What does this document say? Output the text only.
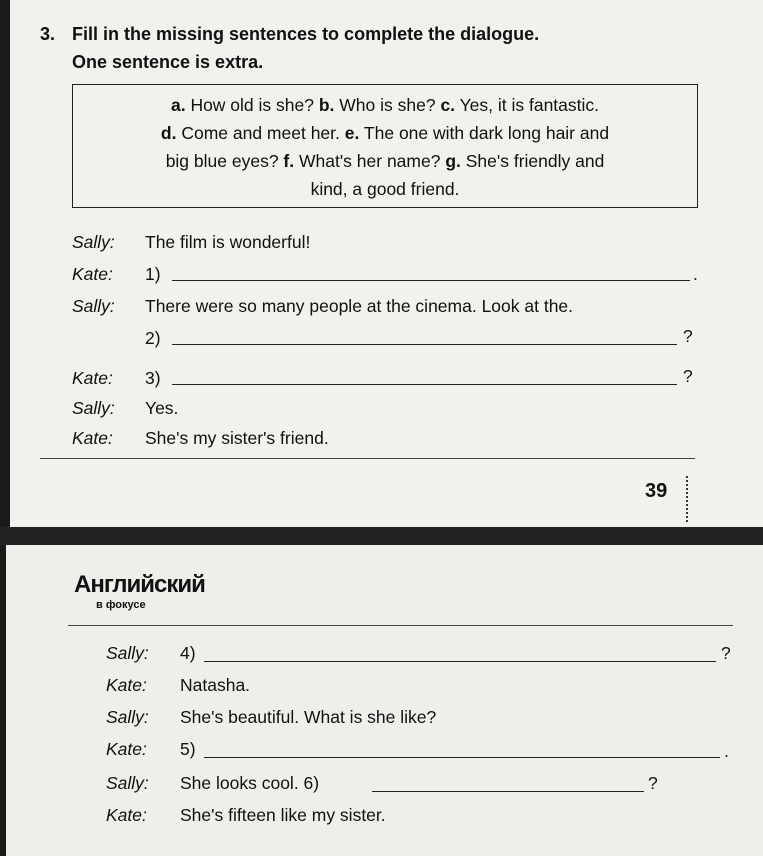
3. Fill in the missing sentences to complete the dialogue.
One sentence is extra.
a. How old is she? b. Who is she? c. Yes, it is fantastic.
d. Come and meet her. e. The one with dark long hair and
big blue eyes? f. What's her name? g. She's friendly and
kind, a good friend.
Sally: The film is wonderful!
Kate: 1)	.
Sally: There were so many people at the cinema. Look at the.
2)	?
Kate: 3)	?
Sally: Yes.
Kate: She's my sister's friend.
39
Английский
в фокусе
Sally: 4)	?
Kate: Natasha.
Sally: She's beautiful. What is she like?
Kate: 5)	.
Sally: She looks cool. 6)	?
Kate: She's fifteen like my sister.
